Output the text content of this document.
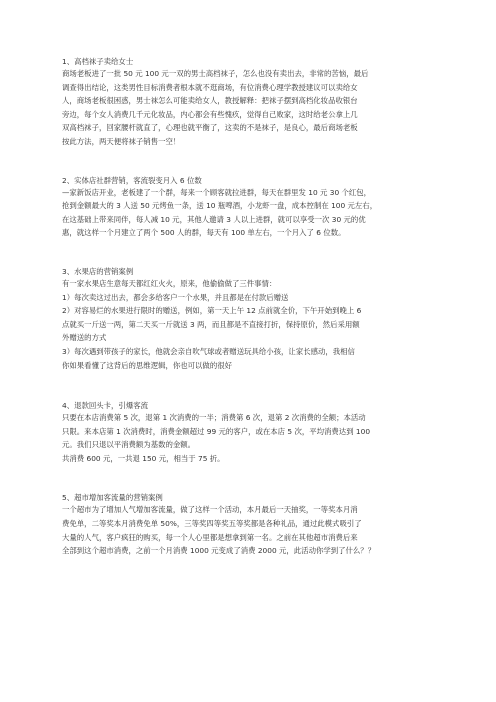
1、高档袜子卖给女士

商场老板进了一批 50 元 100 元一双的男士高档袜子，怎么也没有卖出去，非常的苦恼，最后

调查得出结论，这类男性目标消费者根本就不逛商场，有位消费心理学教授建议可以卖给女

人，商场老板很困惑，男士袜怎么可能卖给女人，教授解释：把袜子摆到高档化妆品收银台

旁边，每个女人消费几千元化妆品，内心都会有些愧疚，觉得自己败家，这时给老公拿上几

双高档袜子，回家腰杆就直了，心理也就平衡了，这卖的不是袜子，是良心，最后商场老板

按此方法，两天便将袜子销售一空！

2、实体店社群营销，客流裂变月入 6 位数

—家新饭店开业，老板建了一个群，每来一个顾客就拉进群，每天在群里发 10 元 30 个红包，

抢到金额最大的 3 人送 50 元烤鱼一条，送 10 瓶啤酒，小龙虾一盘，成本控制在 100 元左右，

在这基础上带来同伴，每人减 10 元，其他人邀请 3 人以上进群，就可以享受一次 30 元的优

惠，就这样一个月建立了两个 500 人的群，每天有 100 单左右，一个月入了 6 位数。

3、水果店的营销案例

有一家水果店生意每天都红红火火，原来，他偷偷做了三件事情：

1）每次卖这过出去，都会多给客户一个水果，并且都是在付款后赠送

2）对容易烂的水果进行限时的赠送，例如，第一天上午 12 点前就全价，下午开始到晚上 6

点就买一斤送一两，第二天买一斤就送 3 两，而且都是不直接打折，保持原价，然后采用额

外赠送的方式

3）每次遇到带孩子的家长，他就会亲自吹气球或者赠送玩具给小孩，让家长感动，我相信

你如果看懂了这背后的思维逻辑，你也可以做的很好

4、退款回头卡，引爆客流

只要在本店消费第 5 次，退第 1 次消费的一半；消费第 6 次，退第 2 次消费的全额；本活动

只限。来本店第 1 次消费时，消费金额超过 99 元的客户，或在本店 5 次，平均消费达到 100

元。我们只退以平消费额为基数的金额。

共消费 600 元，一共退 150 元，相当于 75 折。

5、超市增加客流量的营销案例

一个超市为了增加人气增加客流量，做了这样一个活动，本月最后一天抽奖，一等奖本月消

费免单，二等奖本月消费免单 50%，三等奖四等奖五等奖都是各种礼品，通过此模式吸引了

大量的人气，客户疯狂的购买，每一个人心里都是想拿到第一名。之前在其他超市消费后来

全部到这个超市消费，之前一个月消费 1000 元变成了消费 2000 元，此活动你学到了什么？？
